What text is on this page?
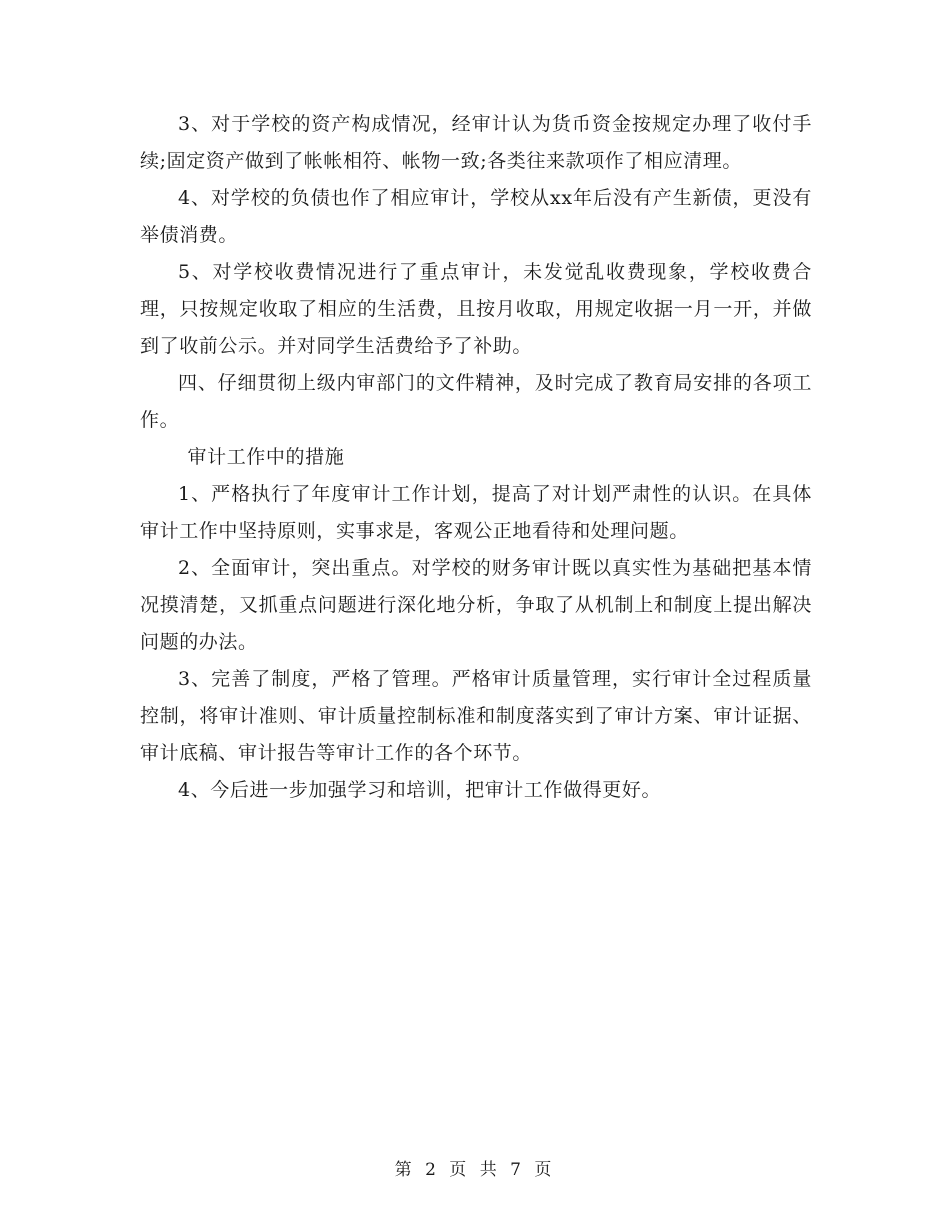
3、对于学校的资产构成情况，经审计认为货币资金按规定办理了收付手续;固定资产做到了帐帐相符、帐物一致;各类往来款项作了相应清理。

4、对学校的负债也作了相应审计，学校从xx年后没有产生新债，更没有举债消费。

5、对学校收费情况进行了重点审计，未发觉乱收费现象，学校收费合理，只按规定收取了相应的生活费，且按月收取，用规定收据一月一开，并做到了收前公示。并对同学生活费给予了补助。

四、仔细贯彻上级内审部门的文件精神，及时完成了教育局安排的各项工作。

审计工作中的措施

1、严格执行了年度审计工作计划，提高了对计划严肃性的认识。在具体审计工作中坚持原则，实事求是，客观公正地看待和处理问题。

2、全面审计，突出重点。对学校的财务审计既以真实性为基础把基本情况摸清楚，又抓重点问题进行深化地分析，争取了从机制上和制度上提出解决问题的办法。

3、完善了制度，严格了管理。严格审计质量管理，实行审计全过程质量控制，将审计准则、审计质量控制标准和制度落实到了审计方案、审计证据、审计底稿、审计报告等审计工作的各个环节。

4、今后进一步加强学习和培训，把审计工作做得更好。

第 2 页 共 7 页
